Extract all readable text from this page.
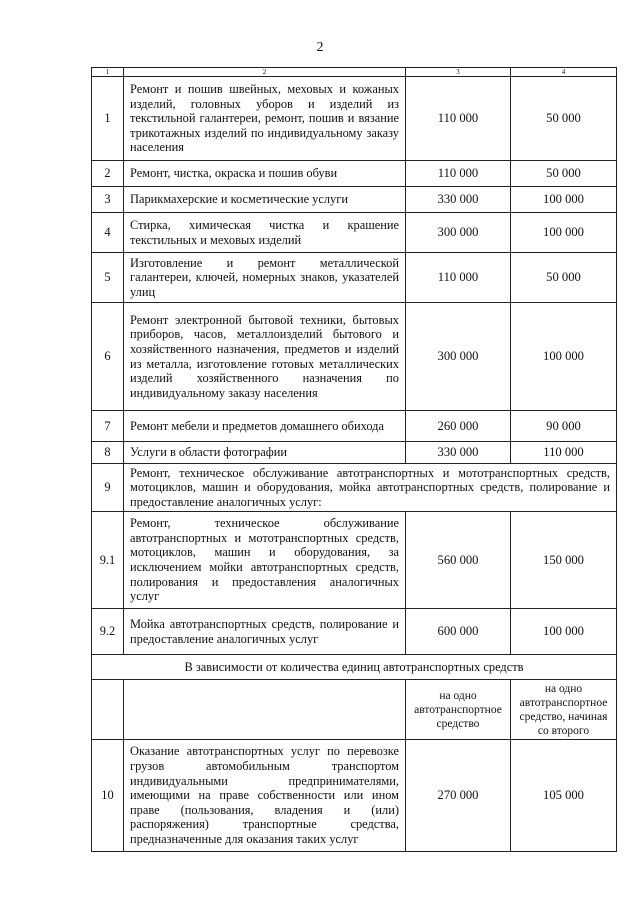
2
1	2	3	4
1	Ремонт и пошив швейных, меховых и кожаных изделий, головных уборов и изделий из текстильной галантереи, ремонт, пошив и вязание трикотажных изделий по индивидуальному заказу населения	110 000	50 000
2	Ремонт, чистка, окраска и пошив обуви	110 000	50 000
3	Парикмахерские и косметические услуги	330 000	100 000
4	Стирка, химическая чистка и крашение текстильных и меховых изделий	300 000	100 000
5	Изготовление и ремонт металлической галантереи, ключей, номерных знаков, указателей улиц	110 000	50 000
6	Ремонт электронной бытовой техники, бытовых приборов, часов, металлоизделий бытового и хозяйственного назначения, предметов и изделий из металла, изготовление готовых металлических изделий хозяйственного назначения по индивидуальному заказу населения	300 000	100 000
7	Ремонт мебели и предметов домашнего обихода	260 000	90 000
8	Услуги в области фотографии	330 000	110 000
9	Ремонт, техническое обслуживание автотранспортных и мототранспортных средств, мотоциклов, машин и оборудования, мойка автотранспортных средств, полирование и предоставление аналогичных услуг:		
9.1	Ремонт, техническое обслуживание автотранспортных и мототранспортных средств, мотоциклов, машин и оборудования, за исключением мойки автотранспортных средств, полирования и предоставления аналогичных услуг	560 000	150 000
9.2	Мойка автотранспортных средств, полирование и предоставление аналогичных услуг	600 000	100 000
В зависимости от количества единиц автотранспортных средств			
		на одно автотранспортное средство	на одно автотранспортное средство, начиная со второго
10	Оказание автотранспортных услуг по перевозке грузов автомобильным транспортом индивидуальными предпринимателями, имеющими на праве собственности или ином праве (пользования, владения и (или) распоряжения) транспортные средства, предназначенные для оказания таких услуг	270 000	105 000
